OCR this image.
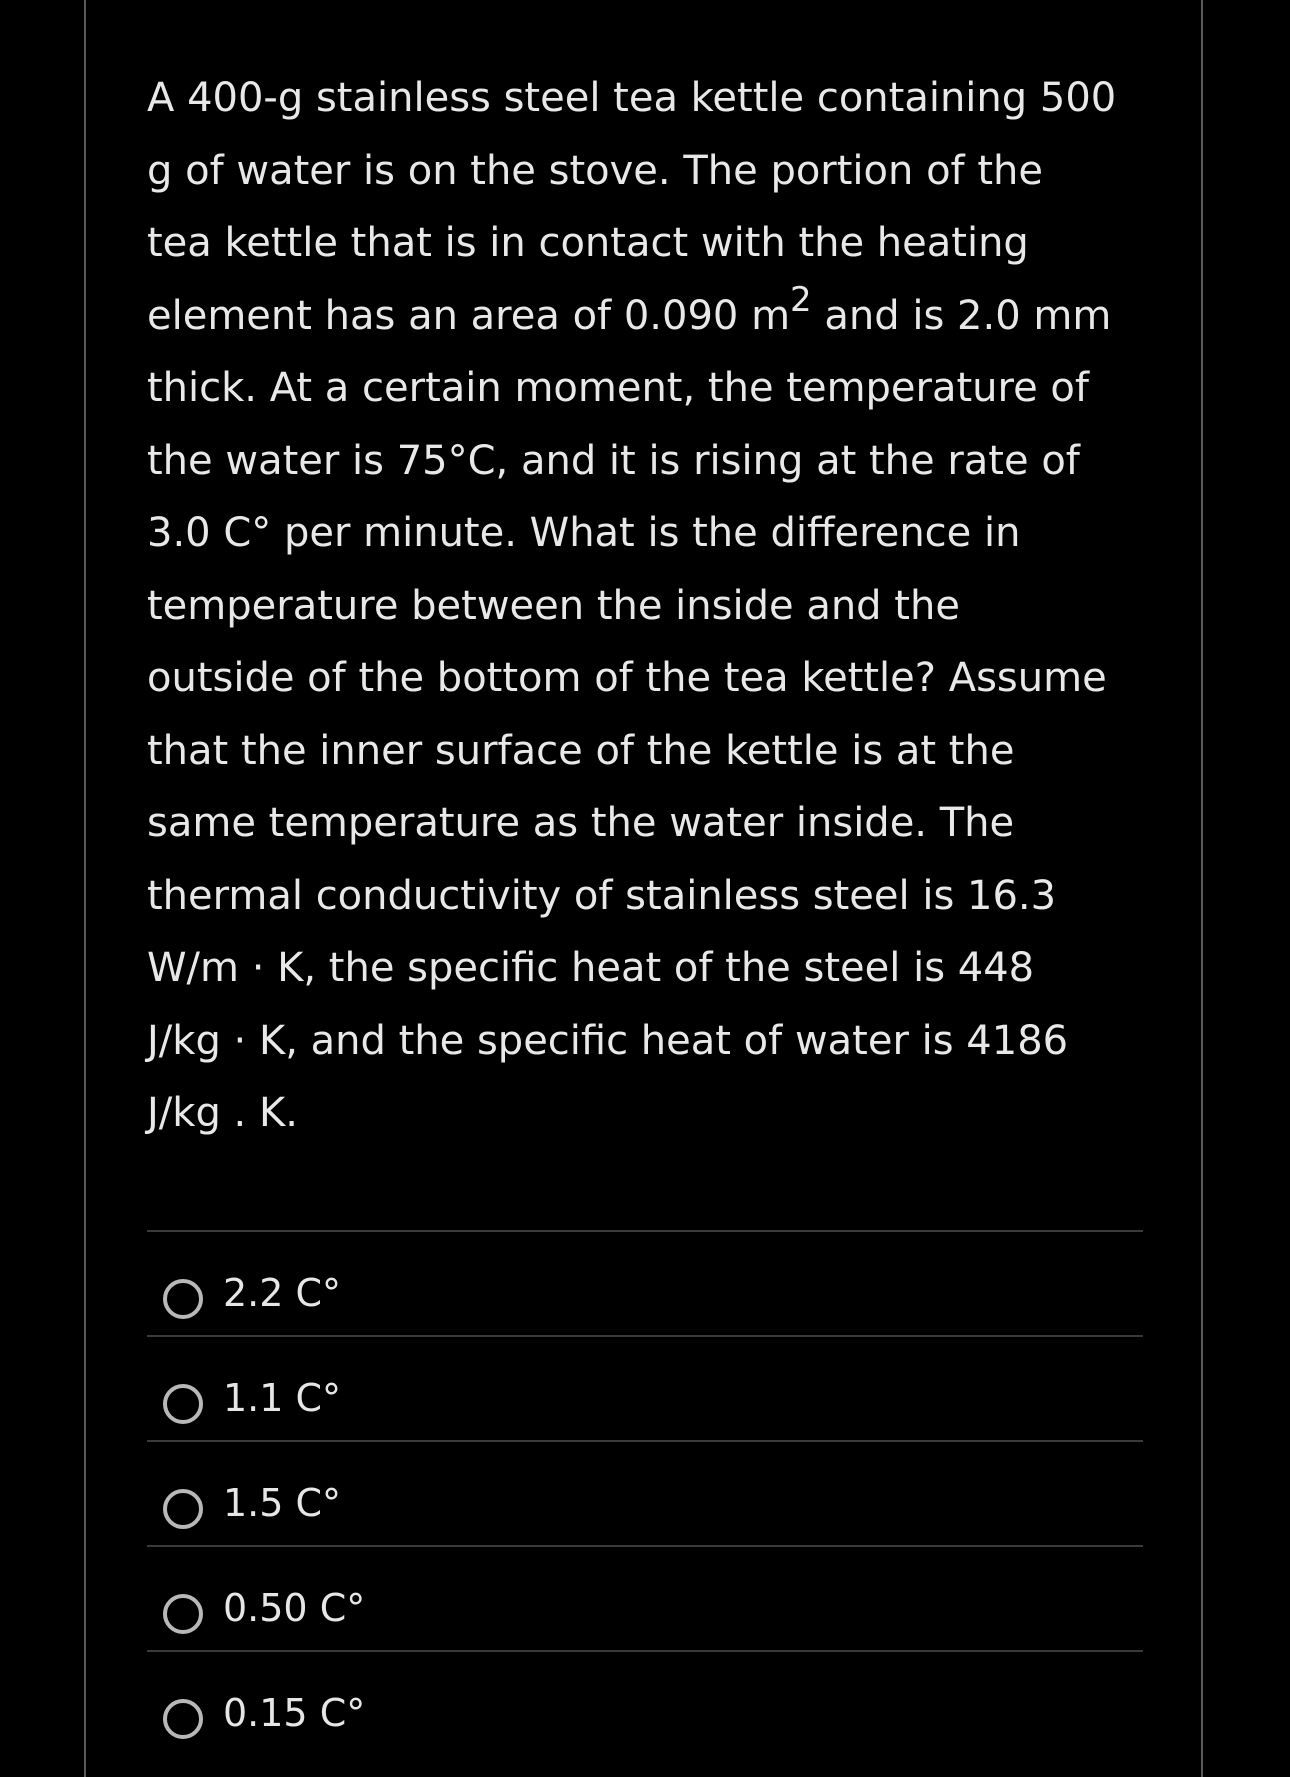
A 400-g stainless steel tea kettle containing 500
g of water is on the stove. The portion of the
tea kettle that is in contact with the heating
element has an area of 0.090 $m^2$ and is 2.0 mm
thick. At a certain moment, the temperature of
the water is 75°C, and it is rising at the rate of
3.0 C° per minute. What is the difference in
temperature between the inside and the
outside of the bottom of the tea kettle? Assume
that the inner surface of the kettle is at the
same temperature as the water inside. The
thermal conductivity of stainless steel is 16.3
W/m · K, the specific heat of the steel is 448
J/kg · K, and the specific heat of water is 4186
J/kg . K.
2.2 C°
1.1 C°
1.5 C°
0.50 C°
0.15 C°
